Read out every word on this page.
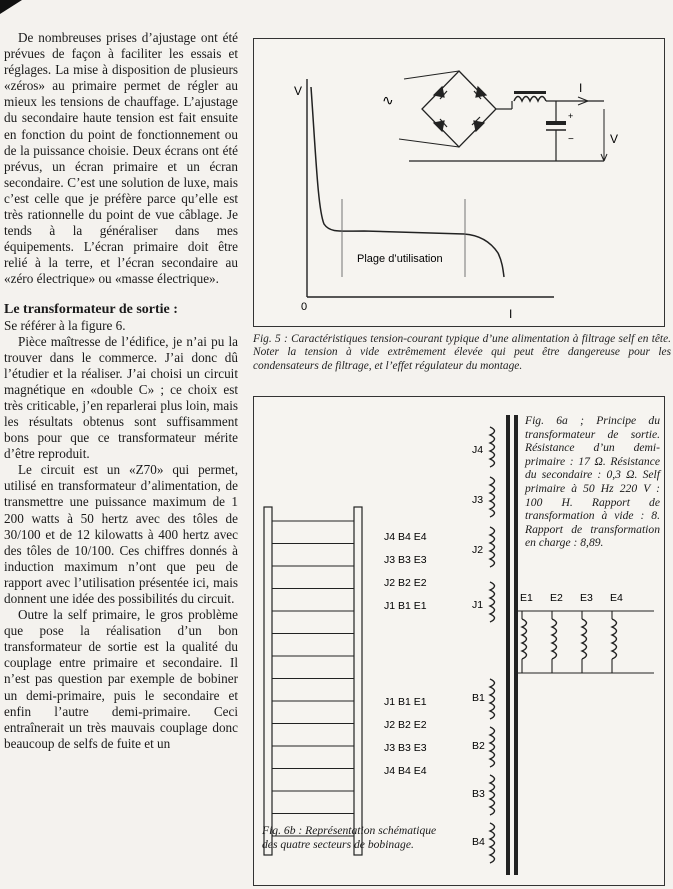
De nombreuses prises d’ajustage ont été prévues de façon à faciliter les essais et réglages. La mise à disposition de plusieurs «zéros» au primaire permet de régler au mieux les tensions de chauffage. L’ajustage du secondaire haute tension est fait ensuite en fonction du point de fonctionnement ou de la puissance choisie. Deux écrans ont été prévus, un écran primaire et un écran secondaire. C’est une solution de luxe, mais c’est celle que je préfère parce qu’elle est très rationnelle du point de vue câblage. Je tends à la généraliser dans mes équipements. L’écran primaire doit être relié à la terre, et l’écran secondaire au «zéro électrique» ou «masse électrique».

Le transformateur de sortie :

Se référer à la figure 6.

Pièce maîtresse de l’édifice, je n’ai pu la trouver dans le commerce. J’ai donc dû l’étudier et la réaliser. J’ai choisi un circuit magnétique en «double C» ; ce choix est très criticable, j’en reparlerai plus loin, mais les résultats obtenus sont suffisamment bons pour que ce transformateur mérite d’être reproduit.

Le circuit est un «Z70» qui permet, utilisé en transformateur d’alimentation, de transmettre une puissance maximum de 1 200 watts à 50 hertz avec des tôles de 30/100 et de 12 kilowatts à 400 hertz avec des tôles de 10/100. Ces chiffres donnés à induction maximum n’ont que peu de rapport avec l’utilisation présentée ici, mais donnent une idée des possibilités du circuit.

Outre la self primaire, le gros problème que pose la réalisation d’un bon transformateur de sortie est la qualité du couplage entre primaire et secondaire. Il n’est pas question par exemple de bobiner un demi-primaire, puis le secondaire et enfin l’autre demi-primaire. Ceci entraînerait un très mauvais couplage donc beaucoup de selfs de fuite et un

V
I
0
Plage d’utilisation
∿
I
+
−	V
Fig. 5 : Caractéristiques tension-courant typique d’une alimentation à filtrage self en tête. Noter la tension à vide extrêmement élevée qui peut être dangereuse pour les condensateurs de filtrage, et l’effet régulateur du montage.
J4 B4 E4
J3 B3 E3
J2 B2 E2
J1 B1 E1
J1 B1 E1
J2 B2 E2
J3 B3 E3
J4 B4 E4
J4
J3
J2
J1
B1
B2
B3
B4
E1 E2 E3 E4
Fig. 6a ; Principe du transformateur de sortie. Résistance d’un demi-primaire : 17 Ω. Résistance du secondaire : 0,3 Ω. Self primaire à 50 Hz 220 V : 100 H. Rapport de transformation à vide : 8. Rapport de transformation en charge : 8,89.
Fig. 6b : Représentation schématique des quatre secteurs de bobinage.
